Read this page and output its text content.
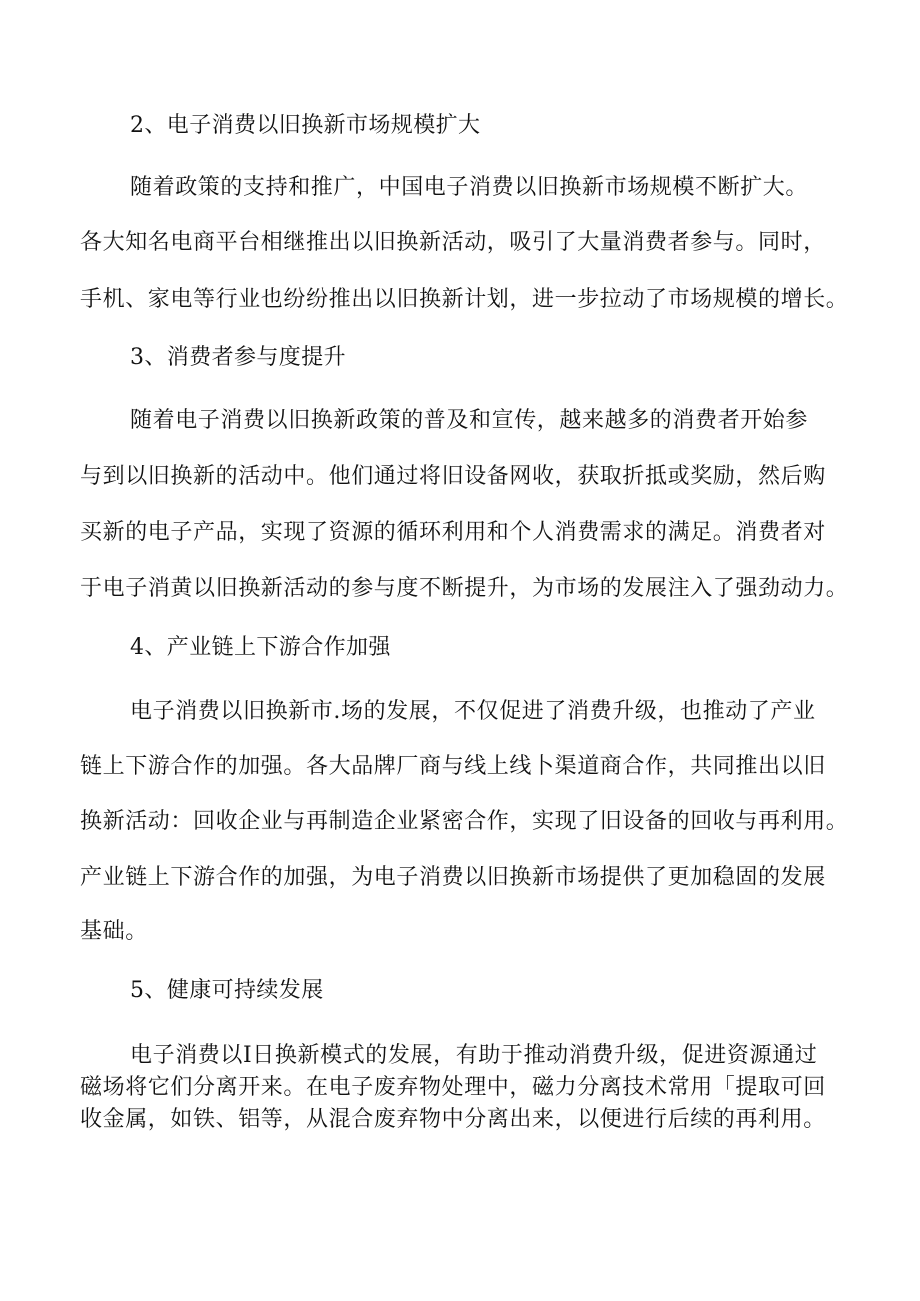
2、电子消费以旧换新市场规模扩大
随着政策的支持和推广，中国电子消费以旧换新市场规模不断扩大。
各大知名电商平台相继推出以旧换新活动，吸引了大量消费者参与。同时，
手机、家电等行业也纷纷推出以旧换新计划，进一步拉动了市场规模的增长。
3、消费者参与度提升
随着电子消费以旧换新政策的普及和宣传，越来越多的消费者开始参
与到以旧换新的活动中。他们通过将旧设备网收，获取折抵或奖励，然后购
买新的电子产品，实现了资源的循环利用和个人消费需求的满足。消费者对
于电子消黄以旧换新活动的参与度不断提升，为市场的发展注入了强劲动力。
4、产业链上下游合作加强
电子消费以旧换新市.场的发展，不仅促进了消费升级，也推动了产业
链上下游合作的加强。各大品牌厂商与线上线卜渠道商合作，共同推出以旧
换新活动：回收企业与再制造企业紧密合作，实现了旧设备的回收与再利用。
产业链上下游合作的加强，为电子消费以旧换新市场提供了更加稳固的发展
基础。
5、健康可持续发展
电子消费以I日换新模式的发展，有助于推动消费升级，促进资源通过
磁场将它们分离开来。在电子废弃物处理中，磁力分离技术常用「提取可回
收金属，如铁、铝等，从混合废弃物中分离出来，以便进行后续的再利用。
